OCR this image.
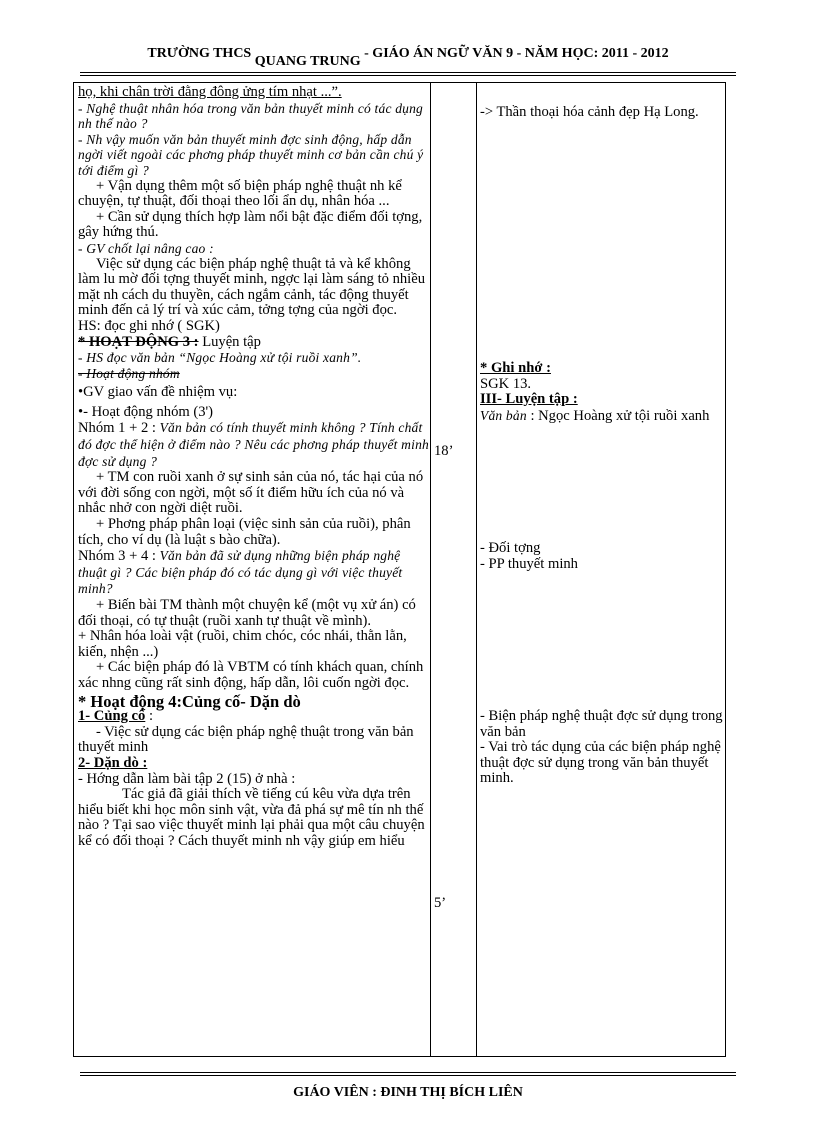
TRƯỜNG THCS QUANG TRUNG - GIÁO ÁN NGỮ VĂN 9 - NĂM HỌC: 2011 - 2012

họ, khi chân trời đằng đông ửng tím nhạt ...”.

- Nghệ thuật nhân hóa trong văn bản thuyết minh có tác dụng nh thế nào ?

- Nh vậy muốn văn bản thuyết minh đợc sinh động, hấp dẫn ngời viết ngoài các phơng pháp thuyết minh cơ bản cần chú ý tới điểm gì ?

+ Vận dụng thêm một số biện pháp nghệ thuật nh kể chuyện, tự thuật, đối thoại theo lối ẩn dụ, nhân hóa ...

+ Cần sử dụng thích hợp làm nổi bật đặc điểm đối tợng, gây hứng thú.

- GV chốt lại nâng cao :

Việc sử dụng các biện pháp nghệ thuật tả và kể không làm lu mờ đối tợng thuyết minh, ngợc lại làm sáng tỏ nhiều mặt nh cách du thuyền, cách ngắm cảnh, tác động thuyết minh đến cả lý trí và xúc cảm, tởng tợng của ngời đọc.

HS: đọc ghi nhớ ( SGK)

* HOẠT ĐỘNG 3 : Luyện tập

- HS đọc văn bản “Ngọc Hoàng xử tội ruồi xanh”.

- Hoạt động nhóm

•GV giao vấn đề nhiệm vụ:

•- Hoạt động nhóm (3')

Nhóm 1 + 2 : Văn bản có tính thuyết minh không ? Tính chất đó đợc thể hiện ở điểm nào ? Nêu các phơng pháp thuyết minh đợc sử dụng ?

+ TM con ruồi xanh ở sự sinh sản của nó, tác hại của nó với đời sống con ngời, một số ít điểm hữu ích của nó và nhắc nhở con ngời diệt ruồi.

+ Phơng pháp phân loại (việc sinh sản của ruồi), phân tích, cho ví dụ (là luật s bào chữa).

Nhóm 3 + 4 : Văn bản đã sử dụng những biện pháp nghệ thuật gì ? Các biện pháp đó có tác dụng gì với việc thuyết minh?

+ Biến bài TM thành một chuyện kể (một vụ xử án) có đối thoại, có tự thuật (ruồi xanh tự thuật về mình).

+ Nhân hóa loài vật (ruồi, chim chóc, cóc nhái, thằn lằn, kiến, nhện ...)

+ Các biện pháp đó là VBTM có tính khách quan, chính xác nhng cũng rất sinh động, hấp dẫn, lôi cuốn ngời đọc.

* Hoạt động 4:Củng cố- Dặn dò

1- Củng cố :

- Việc sử dụng các biện pháp nghệ thuật trong văn bản thuyết minh

2- Dặn dò :

- Hớng dẫn làm bài tập 2 (15) ở nhà :

Tác giả đã giải thích về tiếng cú kêu vừa dựa trên hiểu biết khi học môn sinh vật, vừa đả phá sự mê tín nh thế nào ? Tại sao việc thuyết minh lại phải qua một câu chuyện kể có đối thoại ? Cách thuyết minh nh vậy giúp em hiểu

18’
5’
-> Thần thoại hóa cảnh đẹp Hạ Long.

* Ghi nhớ :

SGK 13.

III- Luyện tập :

Văn bản : Ngọc Hoàng xử tội ruồi xanh

- Đối tợng

- PP thuyết minh

- Biện pháp nghệ thuật đợc sử dụng trong văn bản

- Vai trò tác dụng của các biện pháp nghệ thuật đợc sử dụng trong văn bản thuyết minh.

GIÁO VIÊN : ĐINH THỊ BÍCH LIÊN
